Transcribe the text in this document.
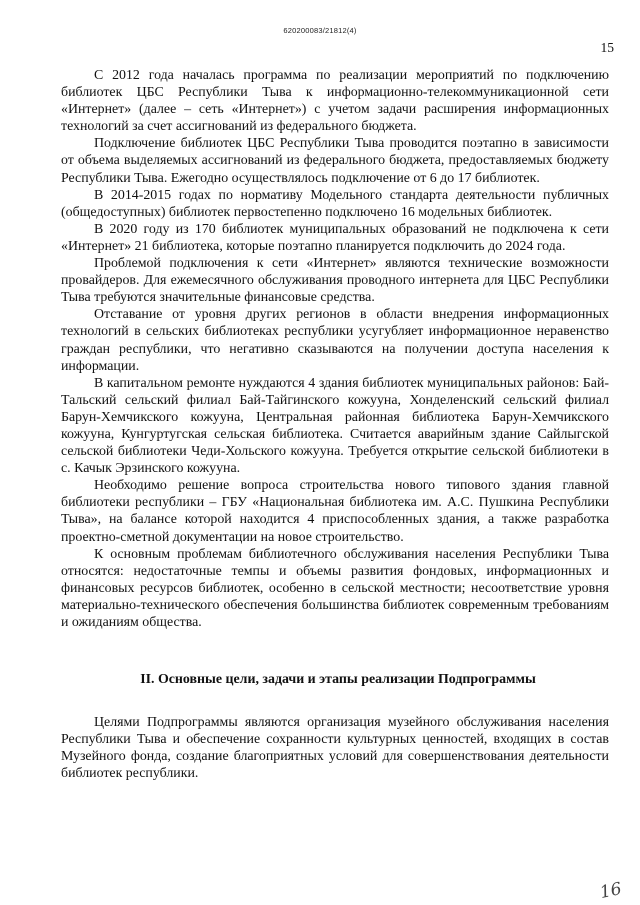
620200083/21812(4)
15

С 2012 года началась программа по реализации мероприятий по подключению библиотек ЦБС Республики Тыва к информационно-телекоммуникационной сети «Интернет» (далее – сеть «Интернет») с учетом задачи расширения информационных технологий за счет ассигнований из федерального бюджета.

Подключение библиотек ЦБС Республики Тыва проводится поэтапно в зависимости от объема выделяемых ассигнований из федерального бюджета, предоставляемых бюджету Республики Тыва. Ежегодно осуществлялось подключение от 6 до 17 библиотек.

В 2014-2015 годах по нормативу Модельного стандарта деятельности публичных (общедоступных) библиотек первостепенно подключено 16 модельных библиотек.

В 2020 году из 170 библиотек муниципальных образований не подключена к сети «Интернет» 21 библиотека, которые поэтапно планируется подключить до 2024 года.

Проблемой подключения к сети «Интернет» являются технические возможности провайдеров. Для ежемесячного обслуживания проводного интернета для ЦБС Республики Тыва требуются значительные финансовые средства.

Отставание от уровня других регионов в области внедрения информационных технологий в сельских библиотеках республики усугубляет информационное неравенство граждан республики, что негативно сказываются на получении доступа населения к информации.

В капитальном ремонте нуждаются 4 здания библиотек муниципальных районов: Бай-Тальский сельский филиал Бай-Тайгинского кожууна, Хонделенский сельский филиал Барун-Хемчикского кожууна, Центральная районная библиотека Барун-Хемчикского кожууна, Кунгуртугская сельская библиотека. Считается аварийным здание Сайлыгской сельской библиотеки Чеди-Хольского кожууна. Требуется открытие сельской библиотеки в с. Качык Эрзинского кожууна.

Необходимо решение вопроса строительства нового типового здания главной библиотеки республики – ГБУ «Национальная библиотека им. А.С. Пушкина Республики Тыва», на балансе которой находится 4 приспособленных здания, а также разработка проектно-сметной документации на новое строительство.

К основным проблемам библиотечного обслуживания населения Республики Тыва относятся: недостаточные темпы и объемы развития фондовых, информационных и финансовых ресурсов библиотек, особенно в сельской местности; несоответствие уровня материально-технического обеспечения большинства библиотек современным требованиям и ожиданиям общества.

II. Основные цели, задачи и этапы реализации Подпрограммы

Целями Подпрограммы являются организация музейного обслуживания населения Республики Тыва и обеспечение сохранности культурных ценностей, входящих в состав Музейного фонда, создание благоприятных условий для совершенствования деятельности библиотек республики.

16
